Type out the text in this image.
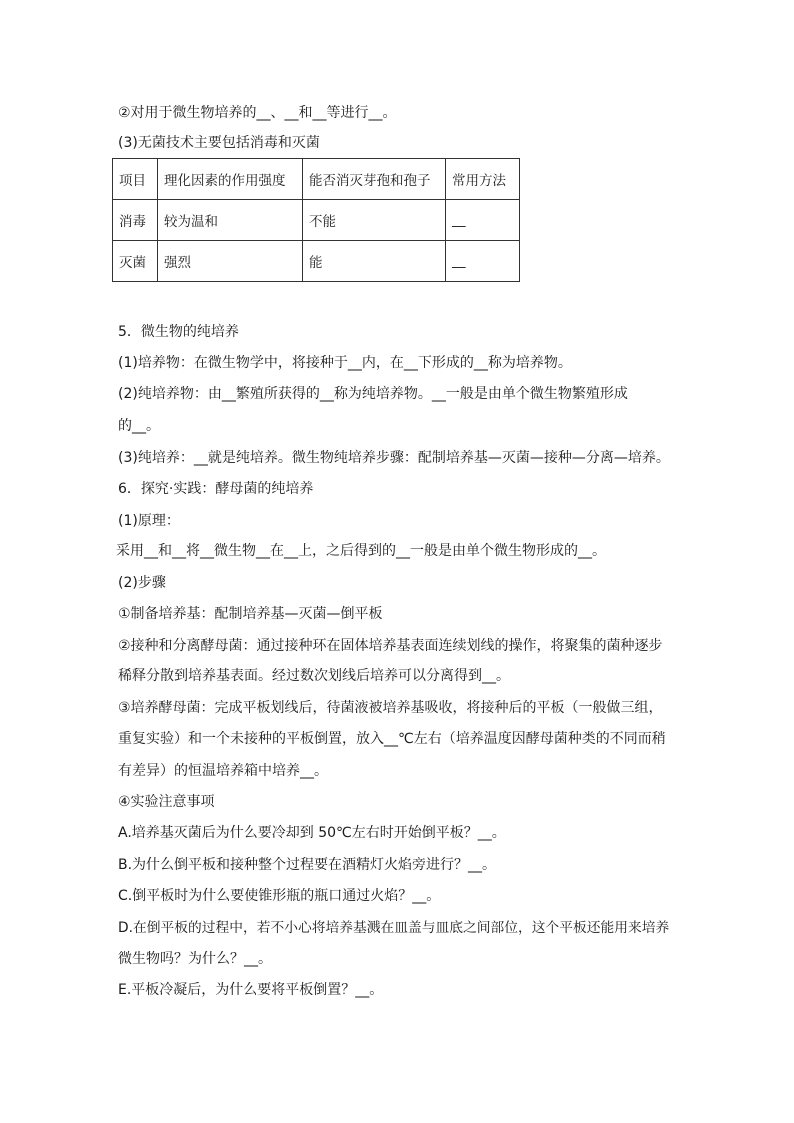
②对用于微生物培养的__、__和__等进行__。
(3)无菌技术主要包括消毒和灭菌
项目	理化因素的作用强度	能否消灭芽孢和孢子	常用方法
消毒	较为温和	不能	__
灭菌	强烈	能	__
5．微生物的纯培养
(1)培养物：在微生物学中，将接种于__内，在__下形成的__称为培养物。
(2)纯培养物：由__繁殖所获得的__称为纯培养物。__一般是由单个微生物繁殖形成
的__。
(3)纯培养：__就是纯培养。微生物纯培养步骤：配制培养基—灭菌—接种—分离—培养。
6．探究·实践：酵母菌的纯培养
(1)原理：
采用__和__将__微生物__在__上，之后得到的__一般是由单个微生物形成的__。
(2)步骤
①制备培养基：配制培养基—灭菌—倒平板
②接种和分离酵母菌：通过接种环在固体培养基表面连续划线的操作，将聚集的菌种逐步
稀释分散到培养基表面。经过数次划线后培养可以分离得到__。
③培养酵母菌：完成平板划线后，待菌液被培养基吸收，将接种后的平板（一般做三组，
重复实验）和一个未接种的平板倒置，放入__℃左右（培养温度因酵母菌种类的不同而稍
有差异）的恒温培养箱中培养__。
④实验注意事项
A.培养基灭菌后为什么要冷却到 50℃左右时开始倒平板？__。
B.为什么倒平板和接种整个过程要在酒精灯火焰旁进行？__。
C.倒平板时为什么要使锥形瓶的瓶口通过火焰？__。
D.在倒平板的过程中，若不小心将培养基溅在皿盖与皿底之间部位，这个平板还能用来培养
微生物吗？为什么？__。
E.平板冷凝后，为什么要将平板倒置？__。
